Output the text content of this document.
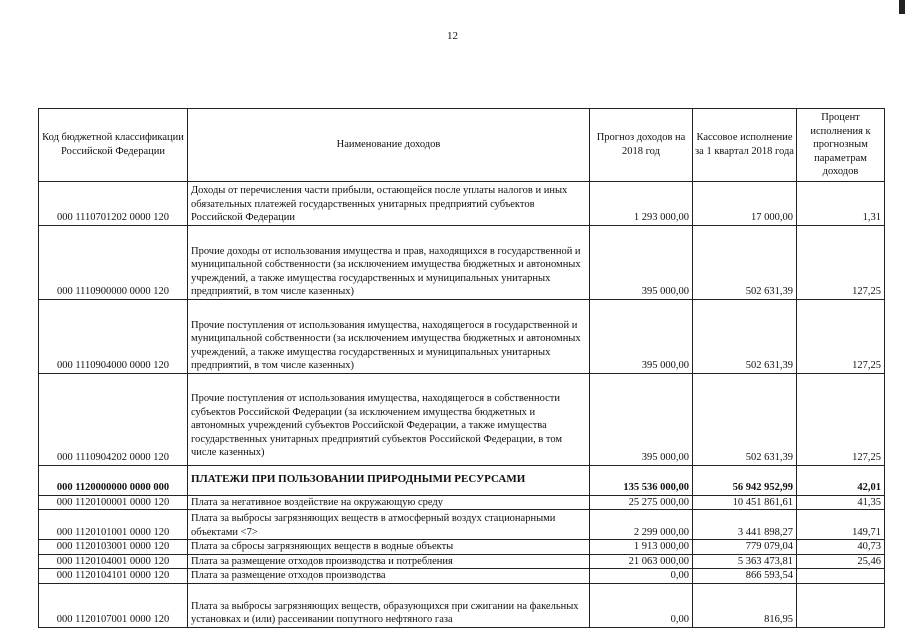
12
Код бюджетной классификации Российской Федерации	Наименование доходов	Прогноз доходов на 2018 год	Кассовое исполнение за 1 квартал 2018 года	Процент исполнения к прогнозным параметрам доходов
000 1110701202 0000 120	Доходы от перечисления части прибыли, остающейся после уплаты налогов и иных обязательных платежей государственных унитарных предприятий субъектов Российской Федерации	1 293 000,00	17 000,00	1,31
000 1110900000 0000 120	Прочие доходы от использования имущества и прав, находящихся в государственной и муниципальной собственности (за исключением имущества бюджетных и автономных учреждений, а также имущества государственных и муниципальных унитарных предприятий, в том числе казенных)	395 000,00	502 631,39	127,25
000 1110904000 0000 120	Прочие поступления от использования имущества, находящегося в государственной и муниципальной собственности (за исключением имущества бюджетных и автономных учреждений, а также имущества государственных и муниципальных унитарных предприятий, в том числе казенных)	395 000,00	502 631,39	127,25
000 1110904202 0000 120	Прочие поступления от использования имущества, находящегося в собственности субъектов Российской Федерации (за исключением имущества бюджетных и автономных учреждений субъектов Российской Федерации, а также имущества государственных унитарных предприятий субъектов Российской Федерации, в том числе казенных)	395 000,00	502 631,39	127,25
000 1120000000 0000 000	ПЛАТЕЖИ ПРИ ПОЛЬЗОВАНИИ ПРИРОДНЫМИ РЕСУРСАМИ	135 536 000,00	56 942 952,99	42,01
000 1120100001 0000 120	Плата за негативное воздействие на окружающую среду	25 275 000,00	10 451 861,61	41,35
000 1120101001 0000 120	Плата за выбросы загрязняющих веществ в атмосферный воздух стационарными объектами <7>	2 299 000,00	3 441 898,27	149,71
000 1120103001 0000 120	Плата за сбросы загрязняющих веществ в водные объекты	1 913 000,00	779 079,04	40,73
000 1120104001 0000 120	Плата за размещение отходов производства и потребления	21 063 000,00	5 363 473,81	25,46
000 1120104101 0000 120	Плата за размещение отходов производства	0,00	866 593,54	
000 1120107001 0000 120	Плата за выбросы загрязняющих веществ, образующихся при сжигании на факельных установках и (или) рассеивании попутного нефтяного газа	0,00	816,95	
